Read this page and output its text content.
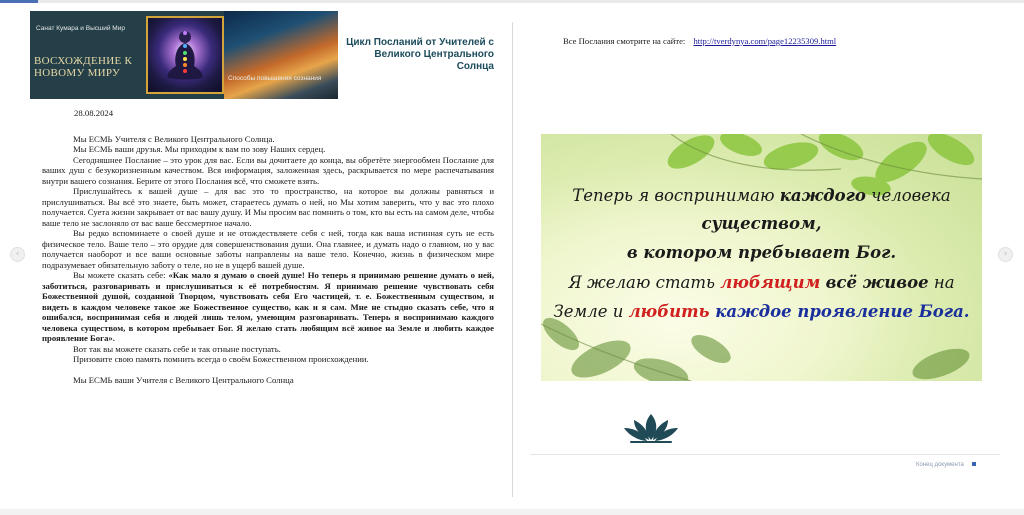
Санат Кумара и Высший Мир
ВОСХОЖДЕНИЕ К НОВОМУ МИРУ	Способы повышения сознания
Цикл Посланий от Учителей с Великого Центрального Солнца

28.08.2024

Мы ЕСМЬ Учителя с Великого Центрального Солнца.

Мы ЕСМЬ ваши друзья. Мы приходим к вам по зову Наших сердец.

Сегодняшнее Послание – это урок для вас. Если вы дочитаете до конца, вы обретёте энергообмен Послание для ваших душ с безукоризненным качеством. Вся информация, заложенная здесь, раскрывается по мере распечатывания внутри вашего сознания. Берите от этого Послания всё, что сможете взять.

Прислушайтесь к вашей душе – для вас это то пространство, на которое вы должны равняться и прислушиваться. Вы всё это знаете, быть может, стараетесь думать о ней, но Мы хотим заверить, что у вас это плохо получается. Суета жизни закрывает от вас вашу душу. И Мы просим вас помнить о том, кто вы есть на самом деле, чтобы ваше тело не заслоняло от вас ваше бессмертное начало.

Вы редко вспоминаете о своей душе и не отождествляете себя с ней, тогда как ваша истинная суть не есть физическое тело. Ваше тело – это орудие для совершенствования души. Она главнее, и думать надо о главном, но у вас получается наоборот и все ваши основные заботы направлены на ваше тело. Конечно, жизнь в физическом мире подразумевает обязательную заботу о теле, но не в ущерб вашей душе.

Вы можете сказать себе: «Как мало я думаю о своей душе! Но теперь я принимаю решение думать о ней, заботиться, разговаривать и прислушиваться к её потребностям. Я принимаю решение чувствовать себя Божественной душой, созданной Творцом, чувствовать себя Его частицей, т. е. Божественным существом, и видеть в каждом человеке такое же Божественное существо, как и я сам. Мне не стыдно сказать себе, что я ошибался, воспринимая себя и людей лишь телом, умеющим разговаривать. Теперь я воспринимаю каждого человека существом, в котором пребывает Бог. Я желаю стать любящим всё живое на Земле и любить каждое проявление Бога».

Вот так вы можете сказать себе и так отныне поступать.

Призовите свою память помнить всегда о своём Божественном происхождении.

Мы ЕСМЬ ваши Учителя с Великого Центрального Солнца

Все Послания смотрите на сайте: http://tverdynya.com/page12235309.html
Теперь я воспринимаю каждого человека
существом,
в котором пребывает Бог.
Я желаю стать любящим всё живое на
Земле и любить каждое проявление Бога.
Конец документа
‹	›
